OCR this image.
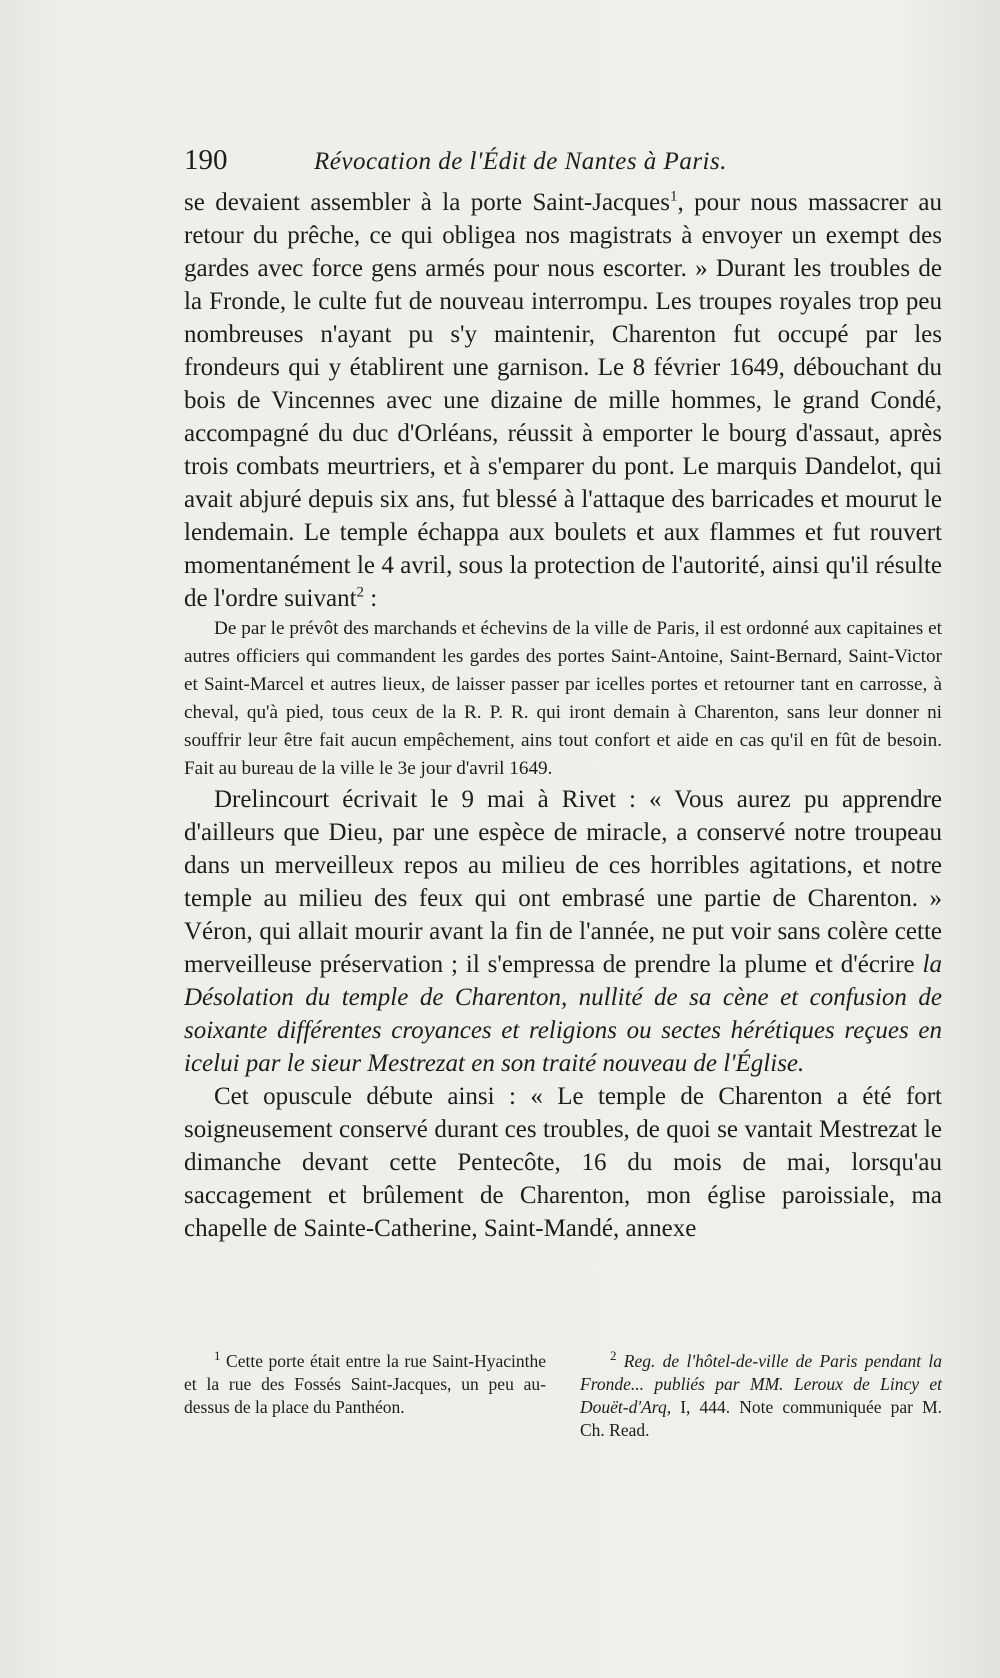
190	Révocation de l'Édit de Nantes à Paris.

se devaient assembler à la porte Saint-Jacques$^1$, pour nous massacrer au retour du prêche, ce qui obligea nos magistrats à envoyer un exempt des gardes avec force gens armés pour nous escorter. » Durant les troubles de la Fronde, le culte fut de nouveau interrompu. Les troupes royales trop peu nombreuses n'ayant pu s'y maintenir, Charenton fut occupé par les frondeurs qui y établirent une garnison. Le 8 février 1649, débouchant du bois de Vincennes avec une dizaine de mille hommes, le grand Condé, accompagné du duc d'Orléans, réussit à emporter le bourg d'assaut, après trois combats meurtriers, et à s'emparer du pont. Le marquis Dandelot, qui avait abjuré depuis six ans, fut blessé à l'attaque des barricades et mourut le lendemain. Le temple échappa aux boulets et aux flammes et fut rouvert momentanément le 4 avril, sous la protection de l'autorité, ainsi qu'il résulte de l'ordre suivant$^2$ :

De par le prévôt des marchands et échevins de la ville de Paris, il est ordonné aux capitaines et autres officiers qui commandent les gardes des portes Saint-Antoine, Saint-Bernard, Saint-Victor et Saint-Marcel et autres lieux, de laisser passer par icelles portes et retourner tant en carrosse, à cheval, qu'à pied, tous ceux de la R. P. R. qui iront demain à Charenton, sans leur donner ni souffrir leur être fait aucun empêchement, ains tout confort et aide en cas qu'il en fût de besoin. Fait au bureau de la ville le 3e jour d'avril 1649.

Drelincourt écrivait le 9 mai à Rivet : « Vous aurez pu apprendre d'ailleurs que Dieu, par une espèce de miracle, a conservé notre troupeau dans un merveilleux repos au milieu de ces horribles agitations, et notre temple au milieu des feux qui ont embrasé une partie de Charenton. » Véron, qui allait mourir avant la fin de l'année, ne put voir sans colère cette merveilleuse préservation ; il s'empressa de prendre la plume et d'écrire la Désolation du temple de Charenton, nullité de sa cène et confusion de soixante différentes croyances et religions ou sectes hérétiques reçues en icelui par le sieur Mestrezat en son traité nouveau de l'Église.

Cet opuscule débute ainsi : « Le temple de Charenton a été fort soigneusement conservé durant ces troubles, de quoi se vantait Mestrezat le dimanche devant cette Pentecôte, 16 du mois de mai, lorsqu'au saccagement et brûlement de Charenton, mon église paroissiale, ma chapelle de Sainte-Catherine, Saint-Mandé, annexe

$^1$ Cette porte était entre la rue Saint-Hyacinthe et la rue des Fossés Saint-Jacques, un peu au-dessus de la place du Panthéon.
$^2$ Reg. de l'hôtel-de-ville de Paris pendant la Fronde... publiés par MM. Leroux de Lincy et Douët-d'Arq, I, 444. Note communiquée par M. Ch. Read.
